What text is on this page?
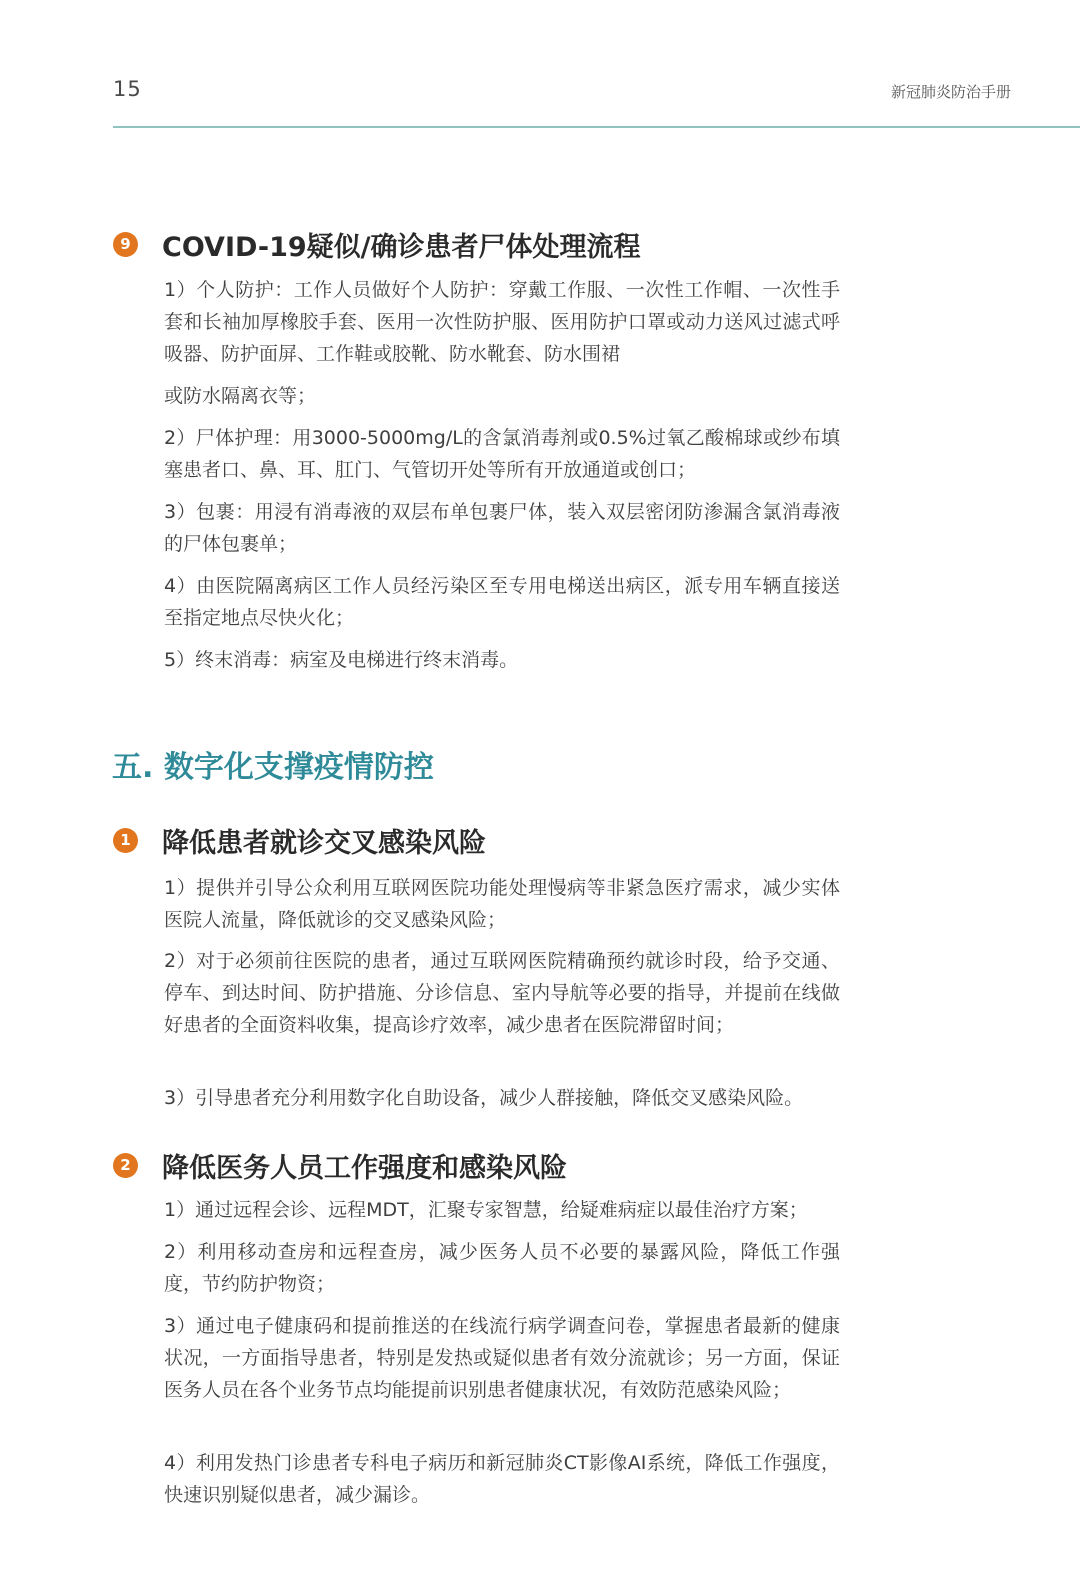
15	新冠肺炎防治手册
9 COVID-19疑似/确诊患者尸体处理流程

1）个人防护：工作人员做好个人防护：穿戴工作服、一次性工作帽、一次性手套和长袖加厚橡胶手套、医用一次性防护服、医用防护口罩或动力送风过滤式呼吸器、防护面屏、工作鞋或胶靴、防水靴套、防水围裙

或防水隔离衣等；

2）尸体护理：用3000-5000mg/L的含氯消毒剂或0.5%过氧乙酸棉球或纱布填塞患者口、鼻、耳、肛门、气管切开处等所有开放通道或创口；

3）包裹：用浸有消毒液的双层布单包裹尸体，装入双层密闭防渗漏含氯消毒液的尸体包裹单；

4）由医院隔离病区工作人员经污染区至专用电梯送出病区，派专用车辆直接送至指定地点尽快火化；

5）终末消毒：病室及电梯进行终末消毒。

五. 数字化支撑疫情防控
1 降低患者就诊交叉感染风险

1）提供并引导公众利用互联网医院功能处理慢病等非紧急医疗需求，减少实体医院人流量，降低就诊的交叉感染风险；

2）对于必须前往医院的患者，通过互联网医院精确预约就诊时段，给予交通、停车、到达时间、防护措施、分诊信息、室内导航等必要的指导，并提前在线做好患者的全面资料收集，提高诊疗效率，减少患者在医院滞留时间；

3）引导患者充分利用数字化自助设备，减少人群接触，降低交叉感染风险。

2 降低医务人员工作强度和感染风险

1）通过远程会诊、远程MDT，汇聚专家智慧，给疑难病症以最佳治疗方案；

2）利用移动查房和远程查房，减少医务人员不必要的暴露风险，降低工作强度，节约防护物资；

3）通过电子健康码和提前推送的在线流行病学调查问卷，掌握患者最新的健康状况，一方面指导患者，特别是发热或疑似患者有效分流就诊；另一方面，保证医务人员在各个业务节点均能提前识别患者健康状况，有效防范感染风险；

4）利用发热门诊患者专科电子病历和新冠肺炎CT影像AI系统，降低工作强度，快速识别疑似患者，减少漏诊。
